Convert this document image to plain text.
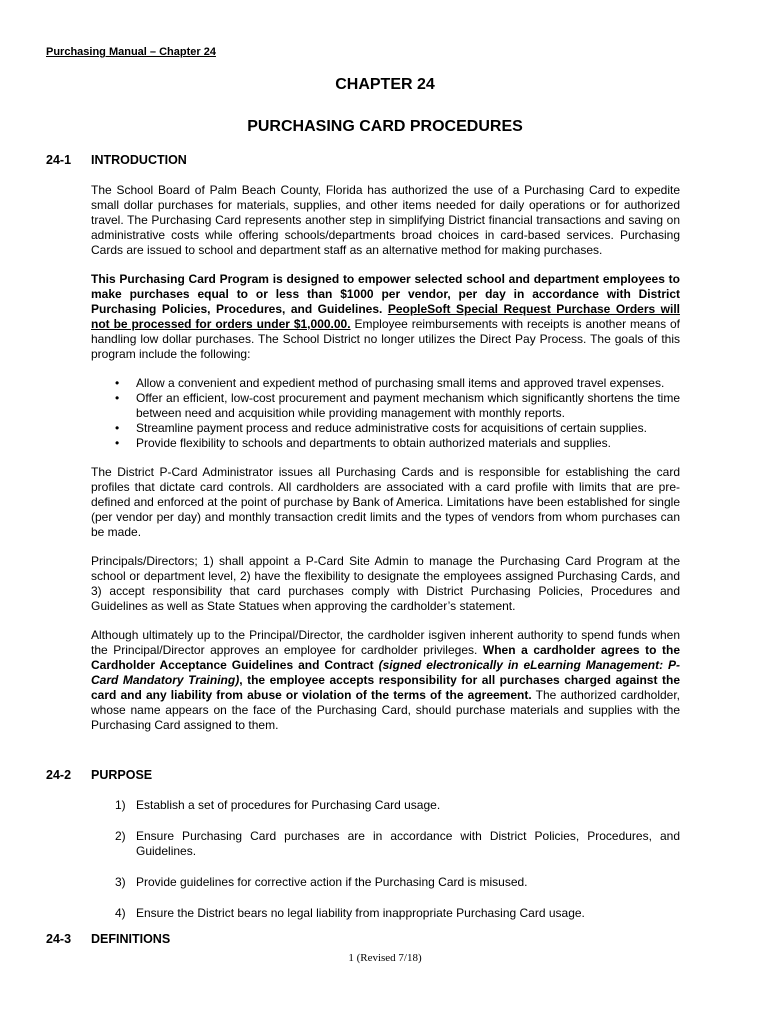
Purchasing Manual – Chapter 24
CHAPTER 24
PURCHASING CARD PROCEDURES
24-1 INTRODUCTION

The School Board of Palm Beach County, Florida has authorized the use of a Purchasing Card to expedite small dollar purchases for materials, supplies, and other items needed for daily operations or for authorized travel. The Purchasing Card represents another step in simplifying District financial transactions and saving on administrative costs while offering schools/departments broad choices in card-based services. Purchasing Cards are issued to school and department staff as an alternative method for making purchases.

This Purchasing Card Program is designed to empower selected school and department employees to make purchases equal to or less than $1000 per vendor, per day in accordance with District Purchasing Policies, Procedures, and Guidelines. PeopleSoft Special Request Purchase Orders will not be processed for orders under $1,000.00. Employee reimbursements with receipts is another means of handling low dollar purchases. The School District no longer utilizes the Direct Pay Process. The goals of this program include the following:

• Allow a convenient and expedient method of purchasing small items and approved travel expenses.
• Offer an efficient, low-cost procurement and payment mechanism which significantly shortens the time between need and acquisition while providing management with monthly reports.
• Streamline payment process and reduce administrative costs for acquisitions of certain supplies.
• Provide flexibility to schools and departments to obtain authorized materials and supplies.

The District P-Card Administrator issues all Purchasing Cards and is responsible for establishing the card profiles that dictate card controls. All cardholders are associated with a card profile with limits that are pre-defined and enforced at the point of purchase by Bank of America. Limitations have been established for single (per vendor per day) and monthly transaction credit limits and the types of vendors from whom purchases can be made.

Principals/Directors; 1) shall appoint a P-Card Site Admin to manage the Purchasing Card Program at the school or department level, 2) have the flexibility to designate the employees assigned Purchasing Cards, and 3) accept responsibility that card purchases comply with District Purchasing Policies, Procedures and Guidelines as well as State Statues when approving the cardholder’s statement.

Although ultimately up to the Principal/Director, the cardholder isgiven inherent authority to spend funds when the Principal/Director approves an employee for cardholder privileges. When a cardholder agrees to the Cardholder Acceptance Guidelines and Contract (signed electronically in eLearning Management: P-Card Mandatory Training), the employee accepts responsibility for all purchases charged against the card and any liability from abuse or violation of the terms of the agreement. The authorized cardholder, whose name appears on the face of the Purchasing Card, should purchase materials and supplies with the Purchasing Card assigned to them.

24-2 PURPOSE
1) Establish a set of procedures for Purchasing Card usage.
2) Ensure Purchasing Card purchases are in accordance with District Policies, Procedures, and Guidelines.
3) Provide guidelines for corrective action if the Purchasing Card is misused.
4) Ensure the District bears no legal liability from inappropriate Purchasing Card usage.
24-3 DEFINITIONS
1 (Revised 7/18)
